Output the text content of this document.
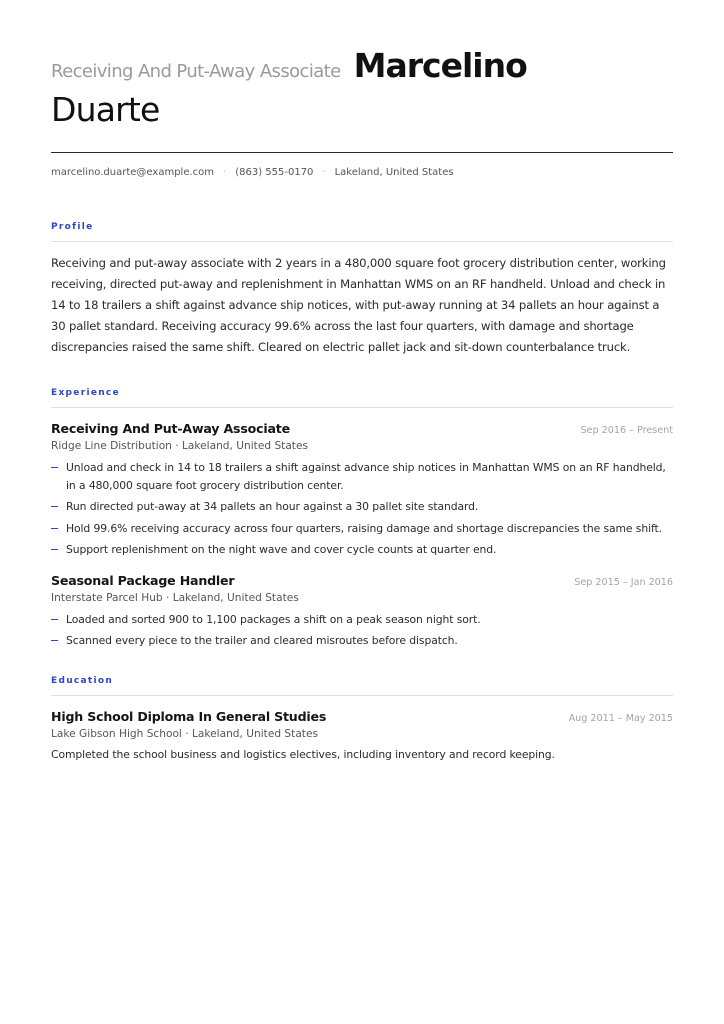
Receiving And Put-Away Associate Marcelino
Duarte
marcelino.duarte@example.com · (863) 555-0170 · Lakeland, United States
Profile
Receiving and put-away associate with 2 years in a 480,000 square foot grocery distribution center, working receiving, directed put-away and replenishment in Manhattan WMS on an RF handheld. Unload and check in 14 to 18 trailers a shift against advance ship notices, with put-away running at 34 pallets an hour against a 30 pallet standard. Receiving accuracy 99.6% across the last four quarters, with damage and shortage discrepancies raised the same shift. Cleared on electric pallet jack and sit-down counterbalance truck.
Experience
Receiving And Put-Away Associate	Sep 2016 – Present
Ridge Line Distribution · Lakeland, United States
Unload and check in 14 to 18 trailers a shift against advance ship notices in Manhattan WMS on an RF handheld, in a 480,000 square foot grocery distribution center.
Run directed put-away at 34 pallets an hour against a 30 pallet site standard.
Hold 99.6% receiving accuracy across four quarters, raising damage and shortage discrepancies the same shift.
Support replenishment on the night wave and cover cycle counts at quarter end.
Seasonal Package Handler	Sep 2015 – Jan 2016
Interstate Parcel Hub · Lakeland, United States
Loaded and sorted 900 to 1,100 packages a shift on a peak season night sort.
Scanned every piece to the trailer and cleared misroutes before dispatch.
Education
High School Diploma In General Studies	Aug 2011 – May 2015
Lake Gibson High School · Lakeland, United States
Completed the school business and logistics electives, including inventory and record keeping.
